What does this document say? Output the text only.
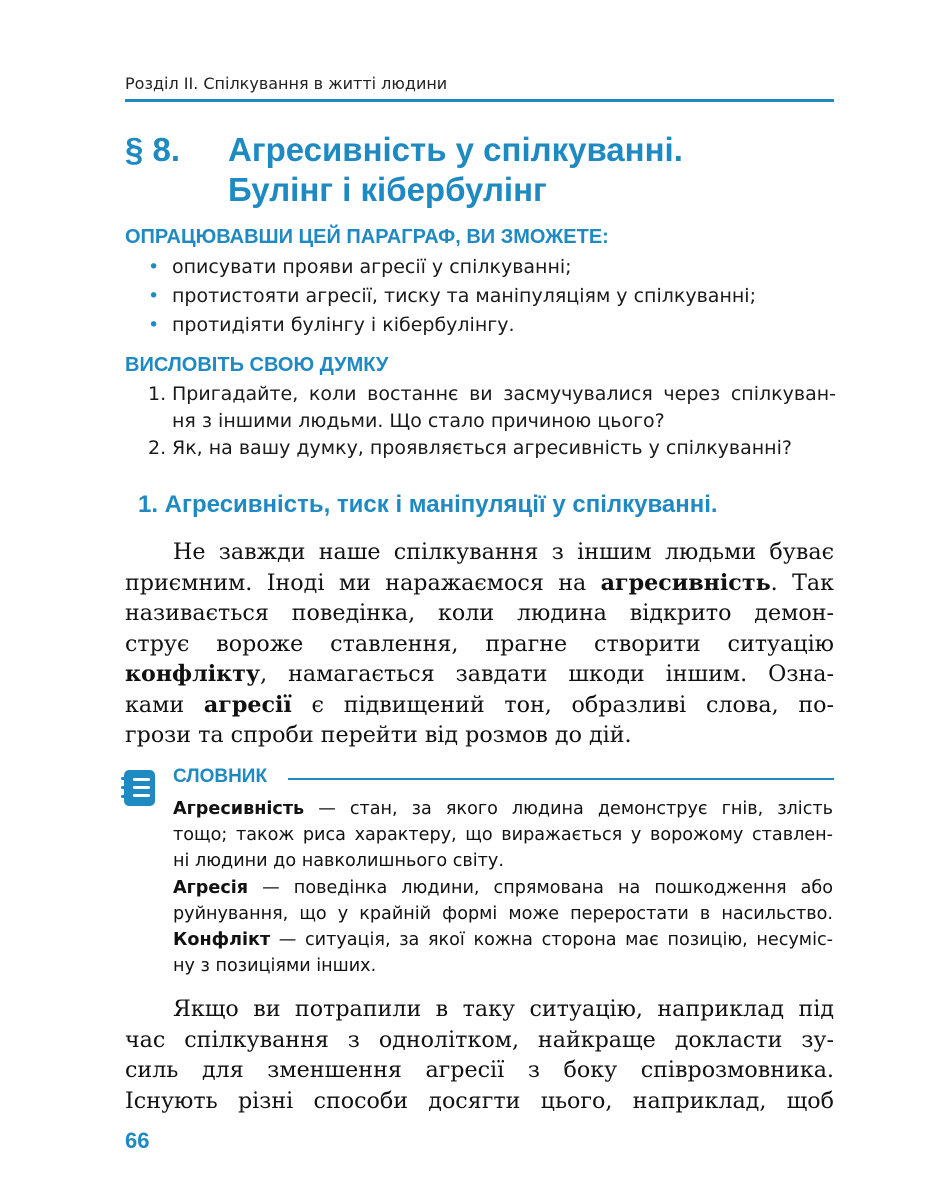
Розділ ІІ. Спілкування в житті людини
§ 8. Агресивність у спілкуванні.
Булінг і кібербулінг
ОПРАЦЮВАВШИ ЦЕЙ ПАРАГРАФ, ВИ ЗМОЖЕТЕ:
• описувати прояви агресії у спілкуванні;
• протистояти агресії, тиску та маніпуляціям у спілкуванні;
• протидіяти булінгу і кібербулінгу.
ВИСЛОВІТЬ СВОЮ ДУМКУ
1. Пригадайте, коли востаннє ви засмучувалися через спілкуван-
ня з іншими людьми. Що стало причиною цього?
2. Як, на вашу думку, проявляється агресивність у спілкуванні?
1. Агресивність, тиск і маніпуляції у спілкуванні.
Не завжди наше спілкування з іншим людьми буває
приємним. Іноді ми наражаємося на агресивність. Так
називається поведінка, коли людина відкрито демон-
струє вороже ставлення, прагне створити ситуацію
конфлікту, намагається завдати шкоди іншим. Озна-
ками агресії є підвищений тон, образливі слова, по-
грози та спроби перейти від розмов до дій.
СЛОВНИК
Агресивність — стан, за якого людина демонструє гнів, злість
тощо; також риса характеру, що виражається у ворожому ставлен-
ні людини до навколишнього світу.
Агресія — поведінка людини, спрямована на пошкодження або
руйнування, що у крайній формі може переростати в насильство.
Конфлікт — ситуація, за якої кожна сторона має позицію, несуміс-
ну з позиціями інших.
Якщо ви потрапили в таку ситуацію, наприклад під
час спілкування з однолітком, найкраще докласти зу-
силь для зменшення агресії з боку співрозмовника.
Існують різні способи досягти цього, наприклад, щоб
66
